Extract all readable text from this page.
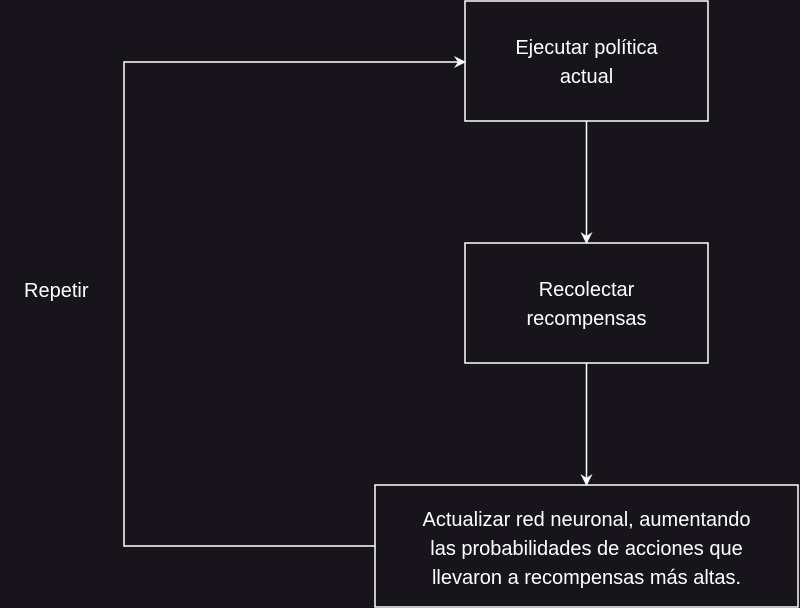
Ejecutar política
actual
Recolectar
recompensas
Actualizar red neuronal, aumentando
las probabilidades de acciones que
llevaron a recompensas más altas.
Repetir
